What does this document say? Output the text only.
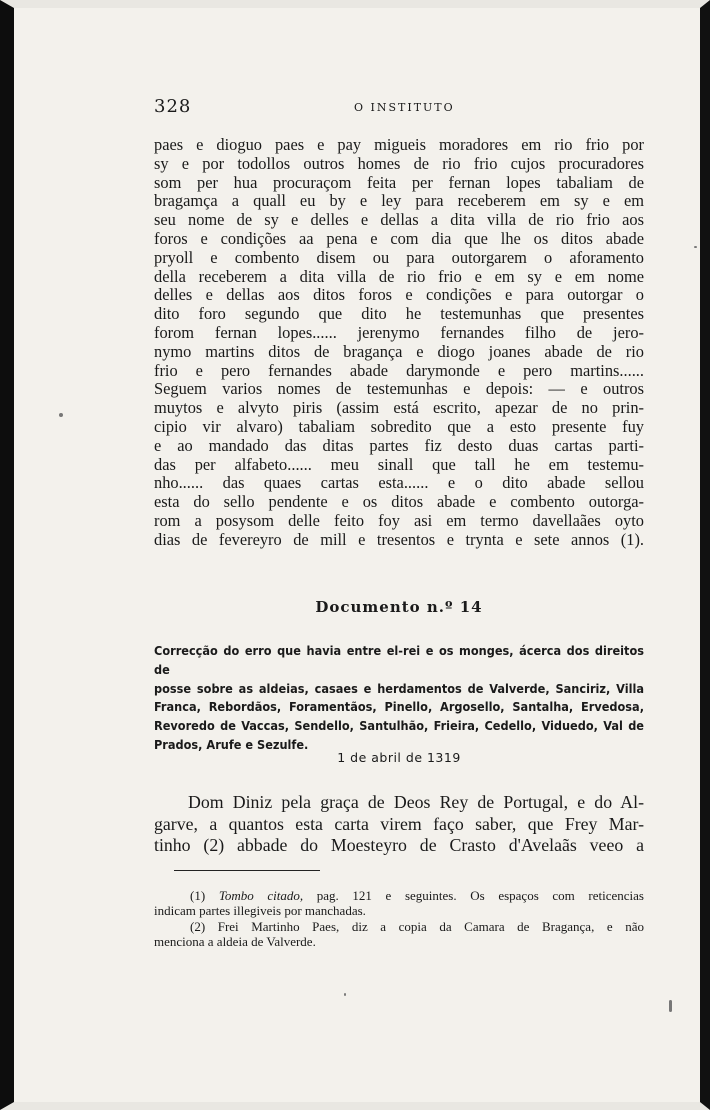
328	O INSTITUTO
paes e dioguo paes e pay migueis moradores em rio frio por
sy e por todollos outros homes de rio frio cujos procuradores
som per hua procuraçom feita per fernan lopes tabaliam de
bragamça a quall eu by e ley para receberem em sy e em
seu nome de sy e delles e dellas a dita villa de rio frio aos
foros e condições aa pena e com dia que lhe os ditos abade
pryoll e combento disem ou para outorgarem o aforamento
della receberem a dita villa de rio frio e em sy e em nome
delles e dellas aos ditos foros e condições e para outorgar o
dito foro segundo que dito he testemunhas que presentes
forom fernan lopes...... jerenymo fernandes filho de jero-
nymo martins ditos de bragança e diogo joanes abade de rio
frio e pero fernandes abade darymonde e pero martins......
Seguem varios nomes de testemunhas e depois: — e outros
muytos e alvyto piris (assim está escrito, apezar de no prin-
cipio vir alvaro) tabaliam sobredito que a esto presente fuy
e ao mandado das ditas partes fiz desto duas cartas parti-
das per alfabeto...... meu sinall que tall he em testemu-
nho...... das quaes cartas esta...... e o dito abade sellou
esta do sello pendente e os ditos abade e combento outorga-
rom a posysom delle feito foy asi em termo davellaães oyto
dias de fevereyro de mill e tresentos e trynta e sete annos (1).
Documento n.º 14
Correcção do erro que havia entre el-rei e os monges, ácerca dos direitos de
posse sobre as aldeias, casaes e herdamentos de Valverde, Sanciriz, Villa
Franca, Rebordãos, Foramentãos, Pinello, Argosello, Santalha, Ervedosa,
Revoredo de Vaccas, Sendello, Santulhão, Frieira, Cedello, Viduedo, Val de
Prados, Arufe e Sezulfe.
1 de abril de 1319
Dom Diniz pela graça de Deos Rey de Portugal, e do Al-
garve, a quantos esta carta virem faço saber, que Frey Mar-
tinho (2) abbade do Moesteyro de Crasto d'Avelaãs veeo a
(1) Tombo citado, pag. 121 e seguintes. Os espaços com reticencias
indicam partes illegiveis por manchadas.
(2) Frei Martinho Paes, diz a copia da Camara de Bragança, e não
menciona a aldeia de Valverde.
